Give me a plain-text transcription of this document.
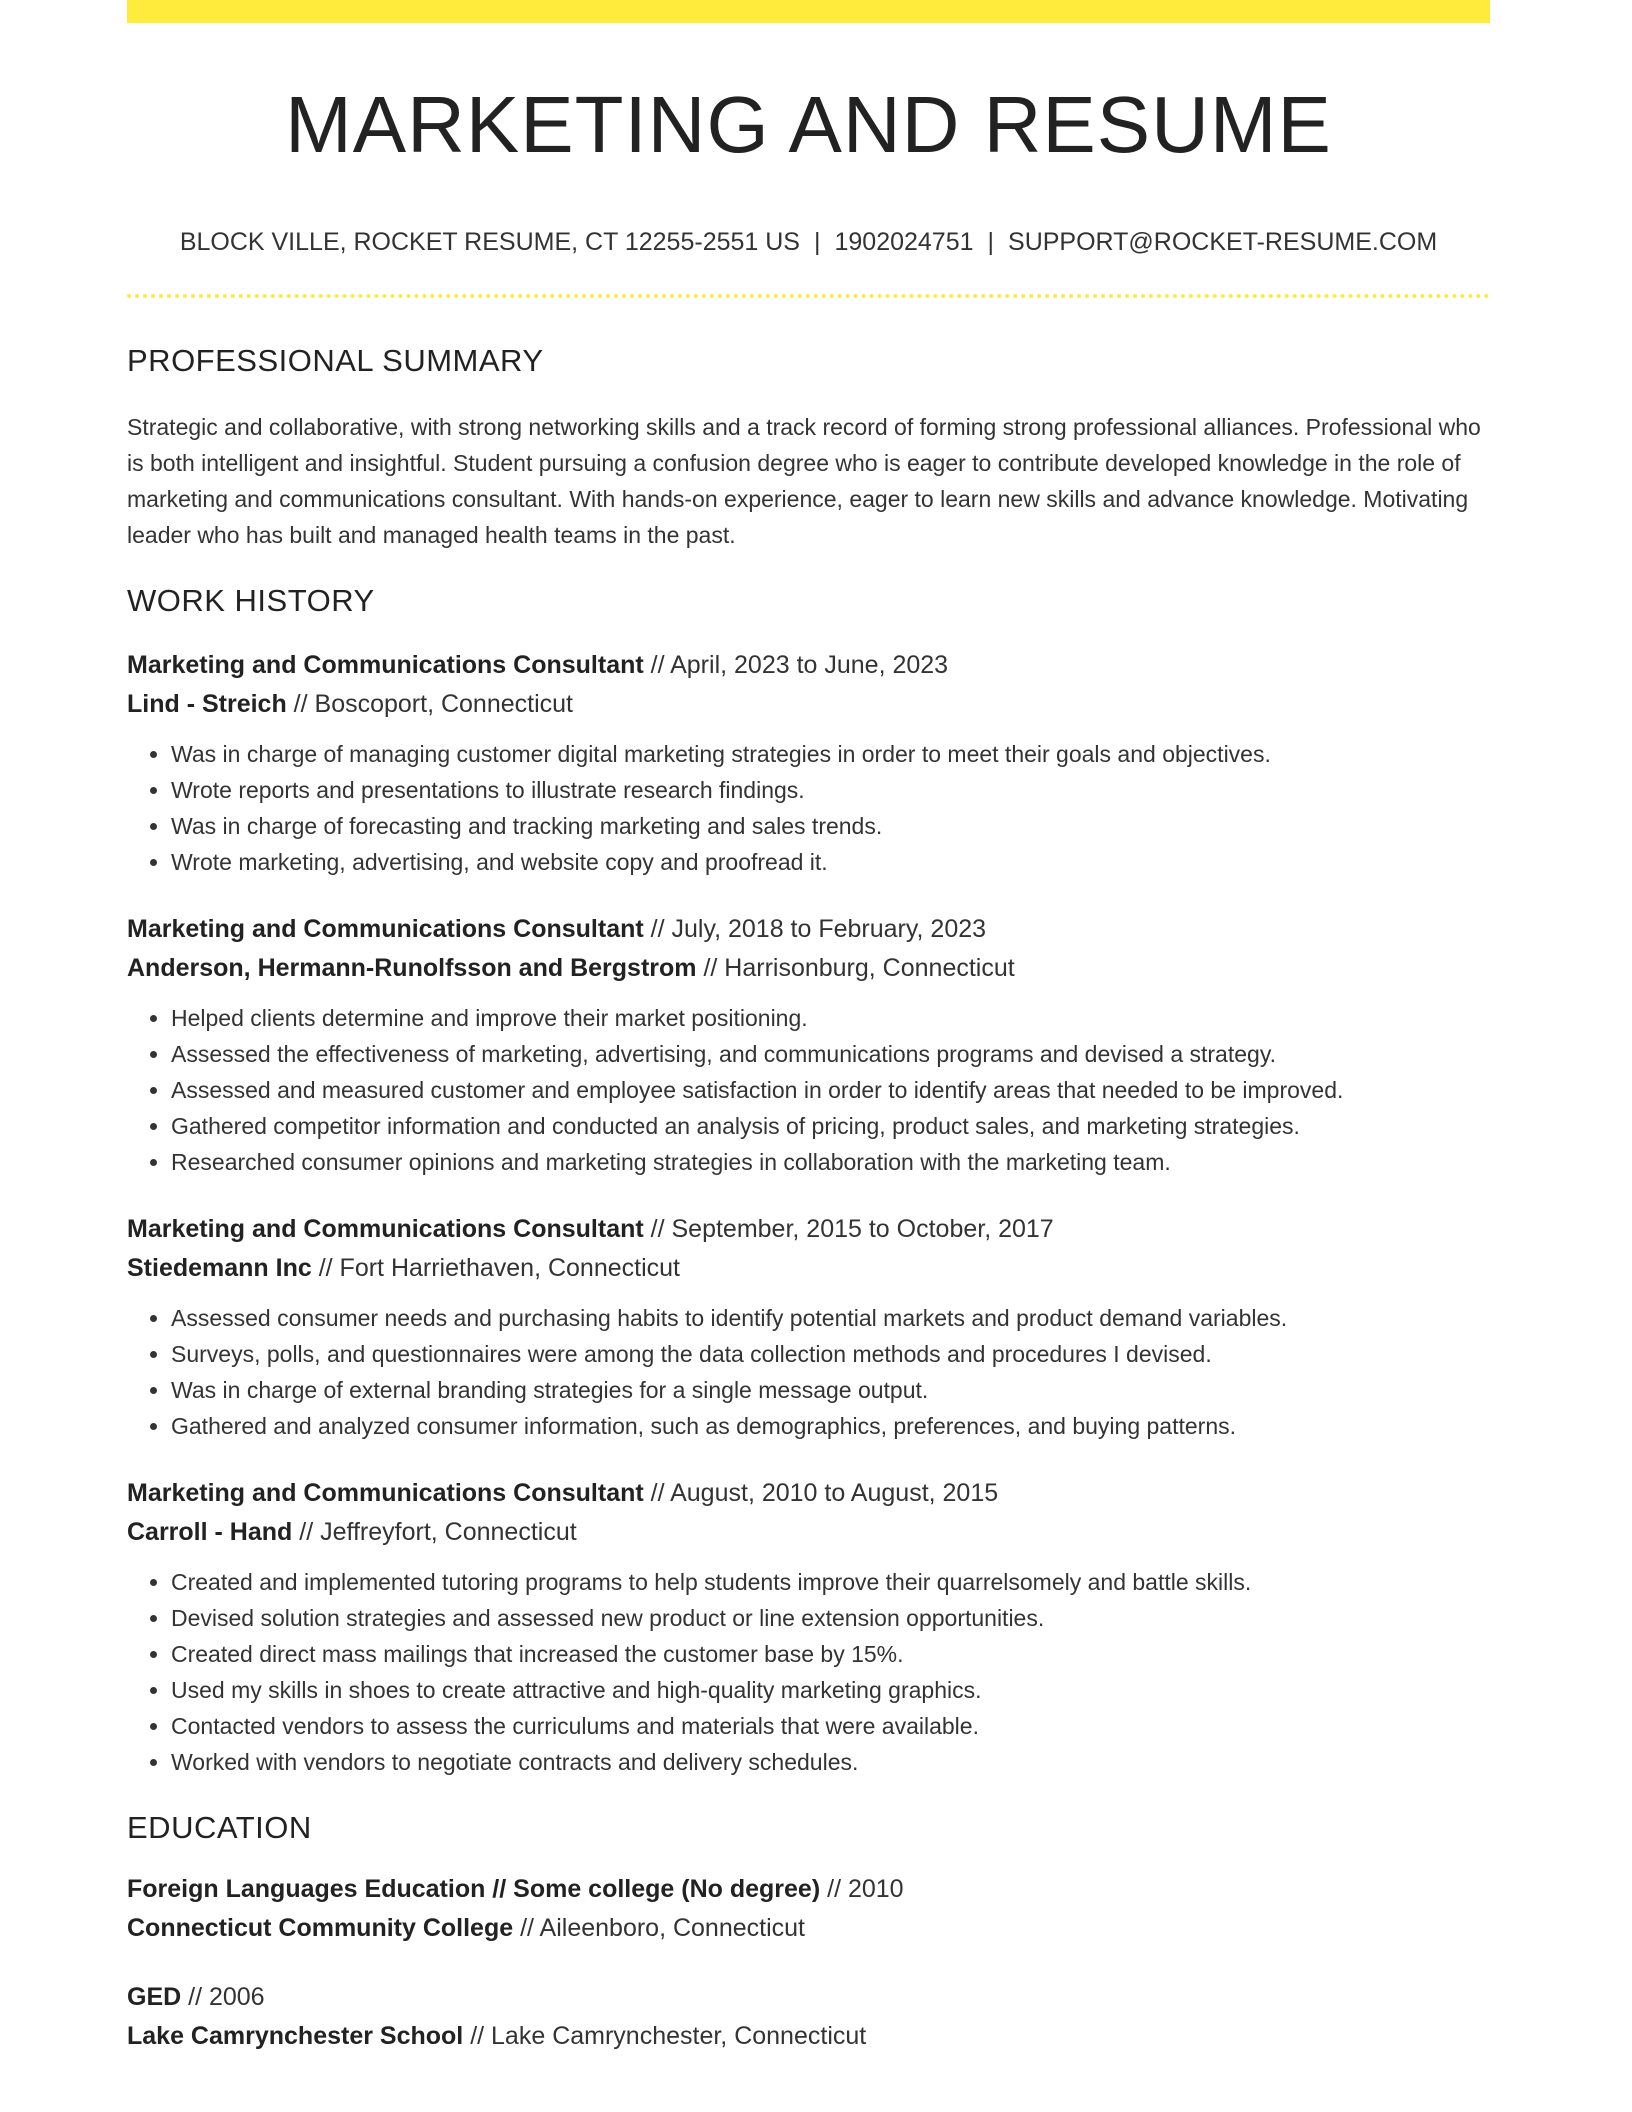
MARKETING AND RESUME
BLOCK VILLE, ROCKET RESUME, CT 12255-2551 US | 1902024751 | SUPPORT@ROCKET-RESUME.COM
PROFESSIONAL SUMMARY
Strategic and collaborative, with strong networking skills and a track record of forming strong professional alliances. Professional who is both intelligent and insightful. Student pursuing a confusion degree who is eager to contribute developed knowledge in the role of marketing and communications consultant. With hands-on experience, eager to learn new skills and advance knowledge. Motivating leader who has built and managed health teams in the past.
WORK HISTORY
Marketing and Communications Consultant // April, 2023 to June, 2023
Lind - Streich // Boscoport, Connecticut
• Was in charge of managing customer digital marketing strategies in order to meet their goals and objectives.
• Wrote reports and presentations to illustrate research findings.
• Was in charge of forecasting and tracking marketing and sales trends.
• Wrote marketing, advertising, and website copy and proofread it.
Marketing and Communications Consultant // July, 2018 to February, 2023
Anderson, Hermann-Runolfsson and Bergstrom // Harrisonburg, Connecticut
• Helped clients determine and improve their market positioning.
• Assessed the effectiveness of marketing, advertising, and communications programs and devised a strategy.
• Assessed and measured customer and employee satisfaction in order to identify areas that needed to be improved.
• Gathered competitor information and conducted an analysis of pricing, product sales, and marketing strategies.
• Researched consumer opinions and marketing strategies in collaboration with the marketing team.
Marketing and Communications Consultant // September, 2015 to October, 2017
Stiedemann Inc // Fort Harriethaven, Connecticut
• Assessed consumer needs and purchasing habits to identify potential markets and product demand variables.
• Surveys, polls, and questionnaires were among the data collection methods and procedures I devised.
• Was in charge of external branding strategies for a single message output.
• Gathered and analyzed consumer information, such as demographics, preferences, and buying patterns.
Marketing and Communications Consultant // August, 2010 to August, 2015
Carroll - Hand // Jeffreyfort, Connecticut
• Created and implemented tutoring programs to help students improve their quarrelsomely and battle skills.
• Devised solution strategies and assessed new product or line extension opportunities.
• Created direct mass mailings that increased the customer base by 15%.
• Used my skills in shoes to create attractive and high-quality marketing graphics.
• Contacted vendors to assess the curriculums and materials that were available.
• Worked with vendors to negotiate contracts and delivery schedules.
EDUCATION
Foreign Languages Education // Some college (No degree) // 2010
Connecticut Community College // Aileenboro, Connecticut
GED // 2006
Lake Camrynchester School // Lake Camrynchester, Connecticut
